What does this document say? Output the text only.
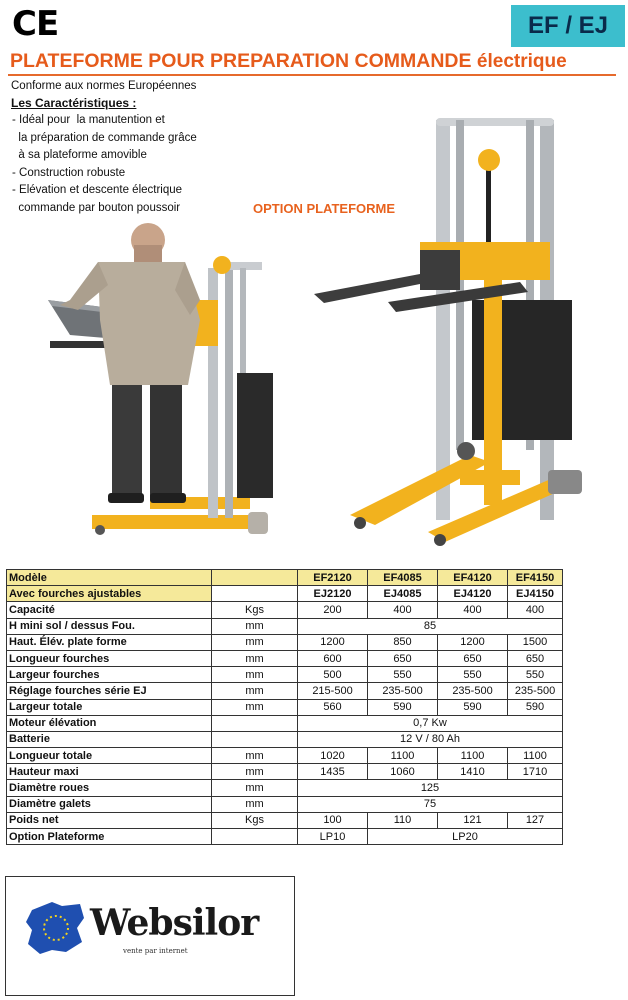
CE	EF / EJ
PLATEFORME POUR PREPARATION COMMANDE électrique
Conforme aux normes Européennes
Les Caractéristiques :
- Idéal pour  la manutention et
la préparation de commande grâce
à sa plateforme amovible
- Construction robuste
- Elévation et descente électrique
commande par bouton poussoir	OPTION PLATEFORME
Modèle		EF2120	EF4085	EF4120	EF4150
Avec fourches ajustables		EJ2120	EJ4085	EJ4120	EJ4150
Capacité	Kgs	200	400	400	400
H mini sol / dessus Fou.	mm	85			
Haut. Élév. plate forme	mm	1200	850	1200	1500
Longueur fourches	mm	600	650	650	650
Largeur fourches	mm	500	550	550	550
Réglage fourches série EJ	mm	215-500	235-500	235-500	235-500
Largeur totale	mm	560	590	590	590
Moteur élévation		0,7 Kw			
Batterie		12 V / 80 Ah			
Longueur totale	mm	1020	1100	1100	1100
Hauteur maxi	mm	1435	1060	1410	1710
Diamètre roues	mm	125			
Diamètre galets	mm	75			
Poids net	Kgs	100	110	121	127
Option Plateforme		LP10	LP20		
Websilor
vente par internet
